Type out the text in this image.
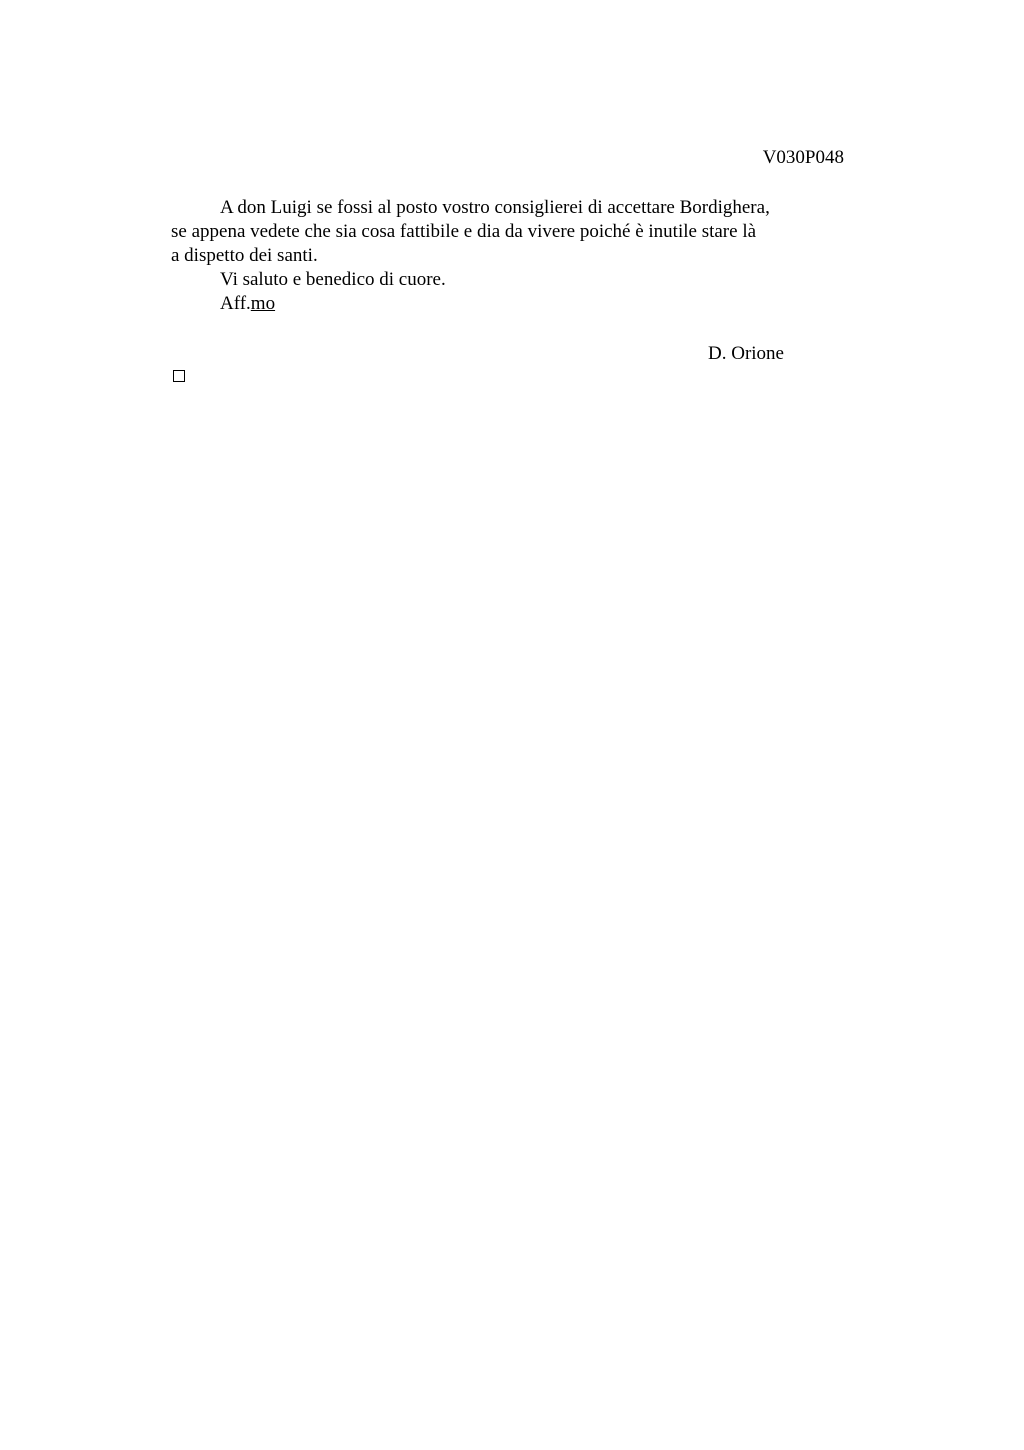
V030P048
A don Luigi se fossi al posto vostro consiglierei di accettare Bordighera,
se appena vedete che sia cosa fattibile e dia da vivere poiché è inutile stare là
a dispetto dei santi.
Vi saluto e benedico di cuore.
Aff.mo
D. Orione
